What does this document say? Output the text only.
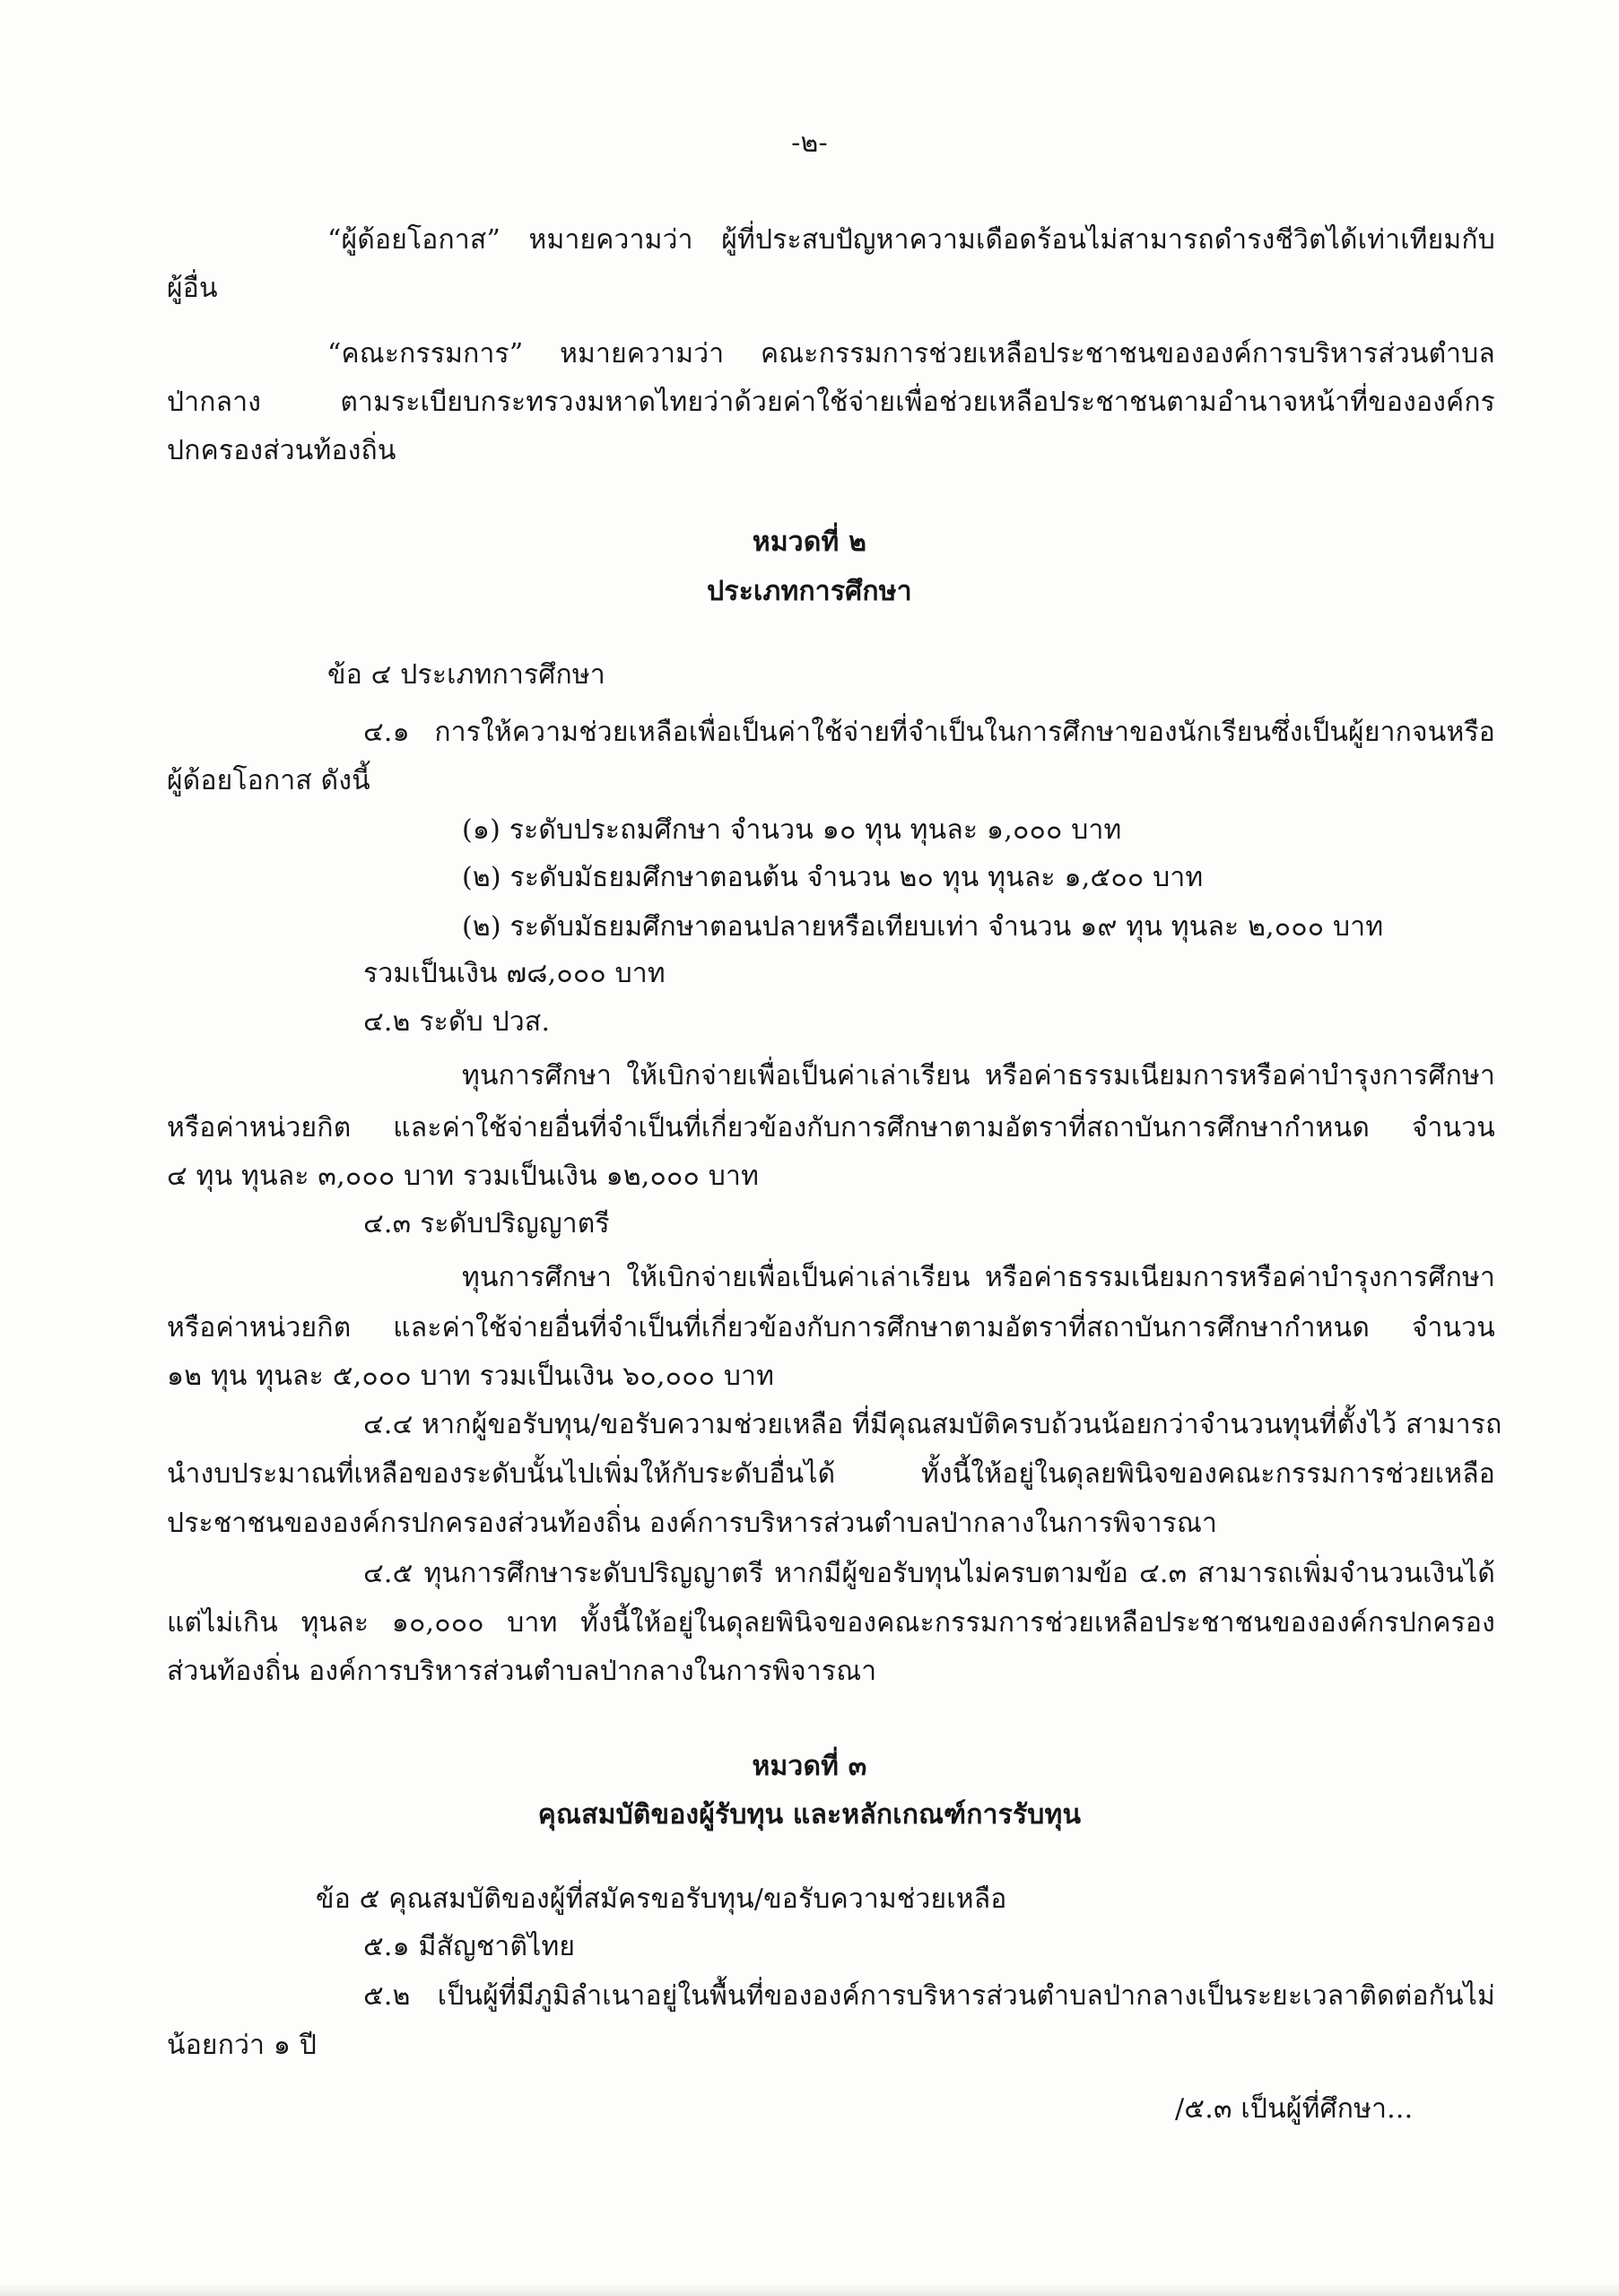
-๒-
“ผู้ด้อยโอกาส” หมายความว่า ผู้ที่ประสบปัญหาความเดือดร้อนไม่สามารถดำรงชีวิตได้เท่าเทียมกับ
ผู้อื่น
“คณะกรรมการ” หมายความว่า คณะกรรมการช่วยเหลือประชาชนขององค์การบริหารส่วนตำบล
ป่ากลาง ตามระเบียบกระทรวงมหาดไทยว่าด้วยค่าใช้จ่ายเพื่อช่วยเหลือประชาชนตามอำนาจหน้าที่ขององค์กร
ปกครองส่วนท้องถิ่น
หมวดที่ ๒
ประเภทการศึกษา
ข้อ ๔ ประเภทการศึกษา
๔.๑ การให้ความช่วยเหลือเพื่อเป็นค่าใช้จ่ายที่จำเป็นในการศึกษาของนักเรียนซึ่งเป็นผู้ยากจนหรือ
ผู้ด้อยโอกาส ดังนี้
(๑) ระดับประถมศึกษา จำนวน ๑๐ ทุน ทุนละ ๑,๐๐๐ บาท
(๒) ระดับมัธยมศึกษาตอนต้น จำนวน ๒๐ ทุน ทุนละ ๑,๕๐๐ บาท
(๒) ระดับมัธยมศึกษาตอนปลายหรือเทียบเท่า จำนวน ๑๙ ทุน ทุนละ ๒,๐๐๐ บาท
รวมเป็นเงิน ๗๘,๐๐๐ บาท
๔.๒ ระดับ ปวส.
ทุนการศึกษา ให้เบิกจ่ายเพื่อเป็นค่าเล่าเรียน หรือค่าธรรมเนียมการหรือค่าบำรุงการศึกษา
หรือค่าหน่วยกิต และค่าใช้จ่ายอื่นที่จำเป็นที่เกี่ยวข้องกับการศึกษาตามอัตราที่สถาบันการศึกษากำหนด จำนวน
๔ ทุน ทุนละ ๓,๐๐๐ บาท รวมเป็นเงิน ๑๒,๐๐๐ บาท
๔.๓ ระดับปริญญาตรี
ทุนการศึกษา ให้เบิกจ่ายเพื่อเป็นค่าเล่าเรียน หรือค่าธรรมเนียมการหรือค่าบำรุงการศึกษา
หรือค่าหน่วยกิต และค่าใช้จ่ายอื่นที่จำเป็นที่เกี่ยวข้องกับการศึกษาตามอัตราที่สถาบันการศึกษากำหนด จำนวน
๑๒ ทุน ทุนละ ๕,๐๐๐ บาท รวมเป็นเงิน ๖๐,๐๐๐ บาท
๔.๔ หากผู้ขอรับทุน/ขอรับความช่วยเหลือ ที่มีคุณสมบัติครบถ้วนน้อยกว่าจำนวนทุนที่ตั้งไว้ สามารถ
นำงบประมาณที่เหลือของระดับนั้นไปเพิ่มให้กับระดับอื่นได้ ทั้งนี้ให้อยู่ในดุลยพินิจของคณะกรรมการช่วยเหลือ
ประชาชนขององค์กรปกครองส่วนท้องถิ่น องค์การบริหารส่วนตำบลป่ากลางในการพิจารณา
๔.๕ ทุนการศึกษาระดับปริญญาตรี หากมีผู้ขอรับทุนไม่ครบตามข้อ ๔.๓ สามารถเพิ่มจำนวนเงินได้
แต่ไม่เกิน ทุนละ ๑๐,๐๐๐ บาท ทั้งนี้ให้อยู่ในดุลยพินิจของคณะกรรมการช่วยเหลือประชาชนขององค์กรปกครอง
ส่วนท้องถิ่น องค์การบริหารส่วนตำบลป่ากลางในการพิจารณา
หมวดที่ ๓
คุณสมบัติของผู้รับทุน และหลักเกณฑ์การรับทุน
ข้อ ๕ คุณสมบัติของผู้ที่สมัครขอรับทุน/ขอรับความช่วยเหลือ
๕.๑ มีสัญชาติไทย
๕.๒ เป็นผู้ที่มีภูมิลำเนาอยู่ในพื้นที่ขององค์การบริหารส่วนตำบลป่ากลางเป็นระยะเวลาติดต่อกันไม่
น้อยกว่า ๑ ปี
/๕.๓ เป็นผู้ที่ศึกษา...
